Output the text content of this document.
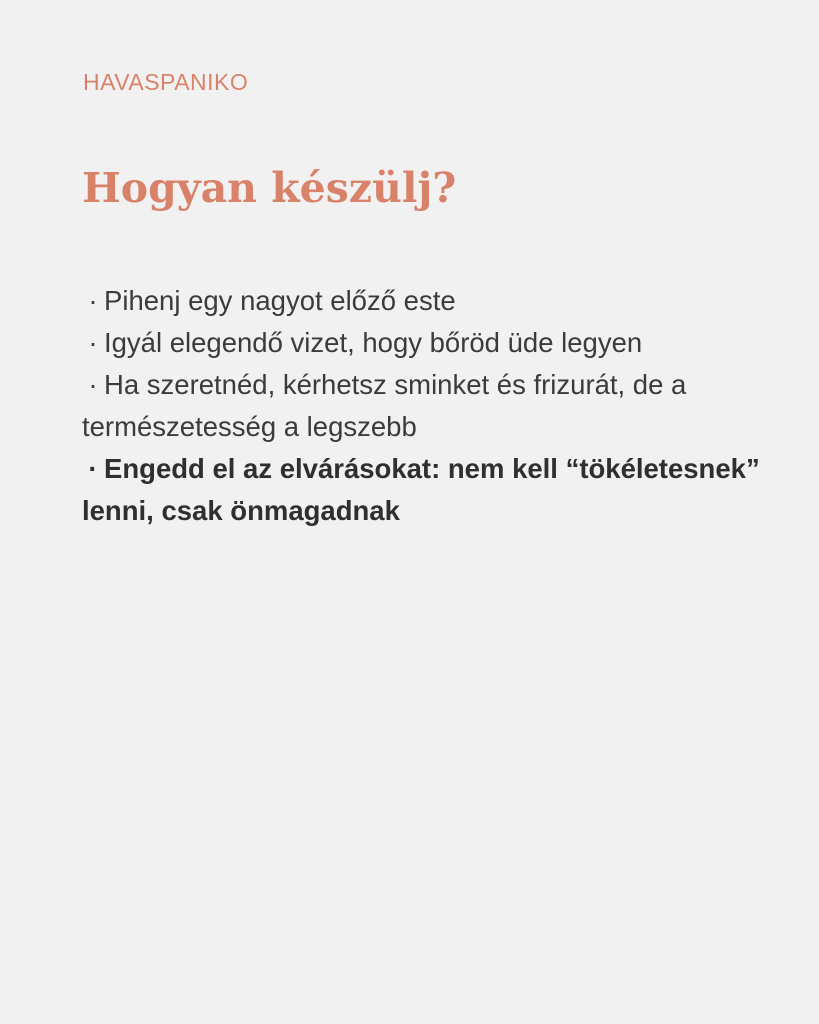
HAVASPANIKO
Hogyan készülj?
· Pihenj egy nagyot előző este
· Igyál elegendő vizet, hogy bőröd üde legyen
· Ha szeretnéd, kérhetsz sminket és frizurát, de a természetesség a legszebb
· Engedd el az elvárásokat: nem kell “tökéletesnek” lenni, csak önmagadnak
